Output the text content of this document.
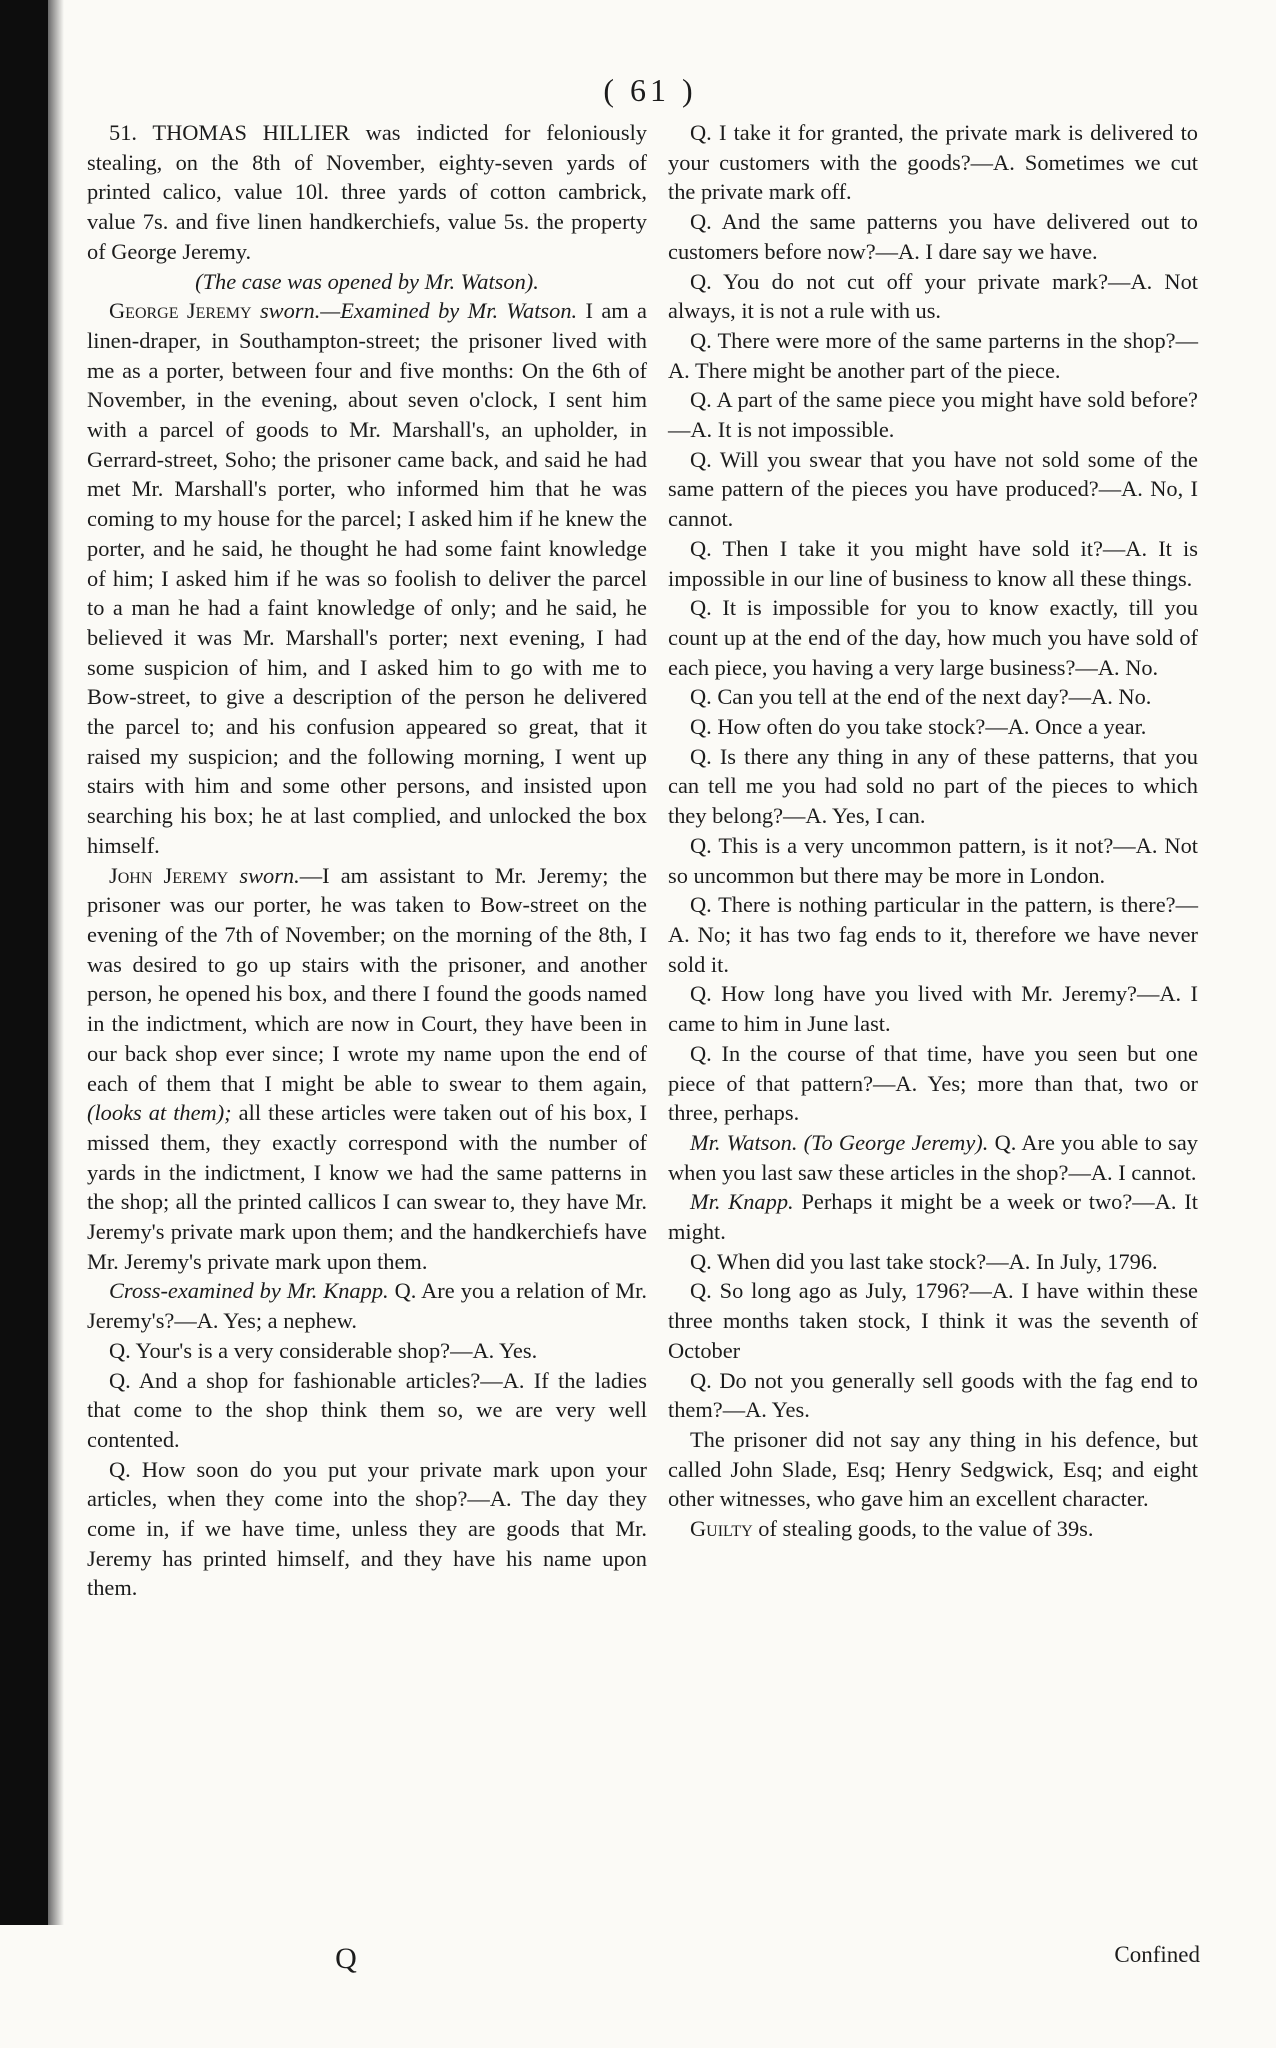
( 61 )

51. THOMAS HILLIER was indicted for feloniously stealing, on the 8th of November, eighty-seven yards of printed calico, value 10l. three yards of cotton cambrick, value 7s. and five linen handkerchiefs, value 5s. the property of George Jeremy.

(The case was opened by Mr. Watson).

George Jeremy sworn.—Examined by Mr. Watson. I am a linen-draper, in Southampton-street; the prisoner lived with me as a porter, between four and five months: On the 6th of November, in the evening, about seven o'clock, I sent him with a parcel of goods to Mr. Marshall's, an upholder, in Gerrard-street, Soho; the prisoner came back, and said he had met Mr. Marshall's porter, who informed him that he was coming to my house for the parcel; I asked him if he knew the porter, and he said, he thought he had some faint knowledge of him; I asked him if he was so foolish to deliver the parcel to a man he had a faint knowledge of only; and he said, he believed it was Mr. Marshall's porter; next evening, I had some suspicion of him, and I asked him to go with me to Bow-street, to give a description of the person he delivered the parcel to; and his confusion appeared so great, that it raised my suspicion; and the following morning, I went up stairs with him and some other persons, and insisted upon searching his box; he at last complied, and unlocked the box himself.

John Jeremy sworn.—I am assistant to Mr. Jeremy; the prisoner was our porter, he was taken to Bow-street on the evening of the 7th of November; on the morning of the 8th, I was desired to go up stairs with the prisoner, and another person, he opened his box, and there I found the goods named in the indictment, which are now in Court, they have been in our back shop ever since; I wrote my name upon the end of each of them that I might be able to swear to them again, (looks at them); all these articles were taken out of his box, I missed them, they exactly correspond with the number of yards in the indictment, I know we had the same patterns in the shop; all the printed callicos I can swear to, they have Mr. Jeremy's private mark upon them; and the handkerchiefs have Mr. Jeremy's private mark upon them.

Cross-examined by Mr. Knapp. Q. Are you a relation of Mr. Jeremy's?—A. Yes; a nephew.

Q. Your's is a very considerable shop?—A. Yes.

Q. And a shop for fashionable articles?—A. If the ladies that come to the shop think them so, we are very well contented.

Q. How soon do you put your private mark upon your articles, when they come into the shop?—A. The day they come in, if we have time, unless they are goods that Mr. Jeremy has printed himself, and they have his name upon them.

Q. I take it for granted, the private mark is delivered to your customers with the goods?—A. Sometimes we cut the private mark off.

Q. And the same patterns you have delivered out to customers before now?—A. I dare say we have.

Q. You do not cut off your private mark?—A. Not always, it is not a rule with us.

Q. There were more of the same parterns in the shop?—A. There might be another part of the piece.

Q. A part of the same piece you might have sold before?—A. It is not impossible.

Q. Will you swear that you have not sold some of the same pattern of the pieces you have produced?—A. No, I cannot.

Q. Then I take it you might have sold it?—A. It is impossible in our line of business to know all these things.

Q. It is impossible for you to know exactly, till you count up at the end of the day, how much you have sold of each piece, you having a very large business?—A. No.

Q. Can you tell at the end of the next day?—A. No.

Q. How often do you take stock?—A. Once a year.

Q. Is there any thing in any of these patterns, that you can tell me you had sold no part of the pieces to which they belong?—A. Yes, I can.

Q. This is a very uncommon pattern, is it not?—A. Not so uncommon but there may be more in London.

Q. There is nothing particular in the pattern, is there?—A. No; it has two fag ends to it, therefore we have never sold it.

Q. How long have you lived with Mr. Jeremy?—A. I came to him in June last.

Q. In the course of that time, have you seen but one piece of that pattern?—A. Yes; more than that, two or three, perhaps.

Mr. Watson. (To George Jeremy). Q. Are you able to say when you last saw these articles in the shop?—A. I cannot.

Mr. Knapp. Perhaps it might be a week or two?—A. It might.

Q. When did you last take stock?—A. In July, 1796.

Q. So long ago as July, 1796?—A. I have within these three months taken stock, I think it was the seventh of October

Q. Do not you generally sell goods with the fag end to them?—A. Yes.

The prisoner did not say any thing in his defence, but called John Slade, Esq; Henry Sedgwick, Esq; and eight other witnesses, who gave him an excellent character.

Guilty of stealing goods, to the value of 39s.

Q	Confined
